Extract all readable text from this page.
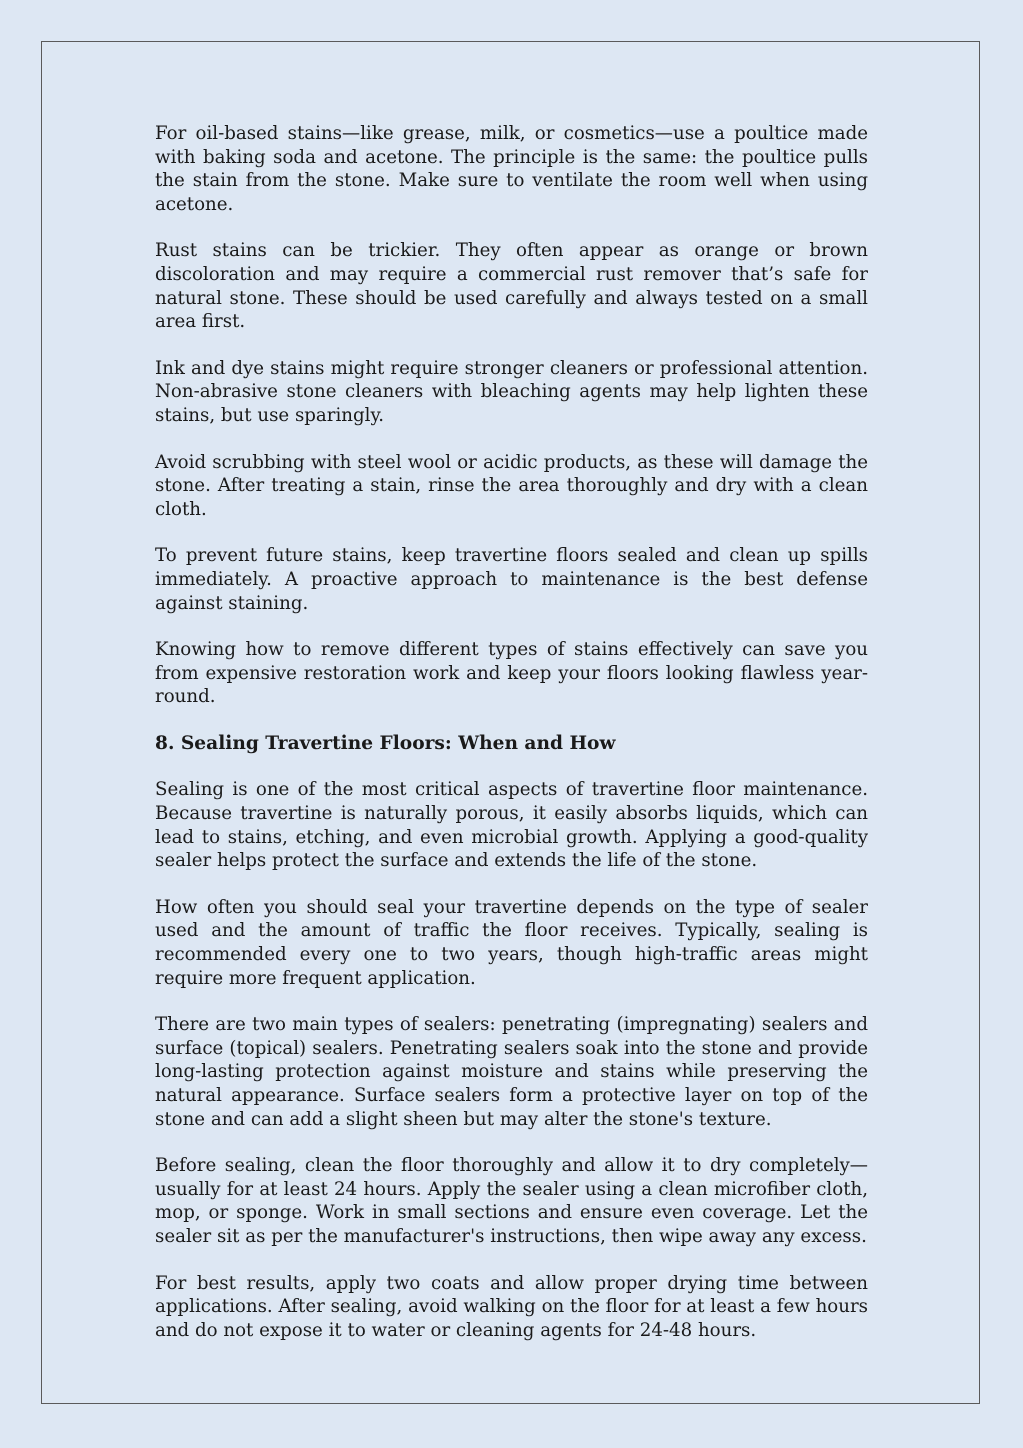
For oil-based stains—like grease, milk, or cosmetics—use a poultice made with baking soda and acetone. The principle is the same: the poultice pulls the stain from the stone. Make sure to ventilate the room well when using acetone.

Rust stains can be trickier. They often appear as orange or brown discoloration and may require a commercial rust remover that’s safe for natural stone. These should be used carefully and always tested on a small area first.

Ink and dye stains might require stronger cleaners or professional attention. Non-abrasive stone cleaners with bleaching agents may help lighten these stains, but use sparingly.

Avoid scrubbing with steel wool or acidic products, as these will damage the stone. After treating a stain, rinse the area thoroughly and dry with a clean cloth.

To prevent future stains, keep travertine floors sealed and clean up spills immediately. A proactive approach to maintenance is the best defense against staining.

Knowing how to remove different types of stains effectively can save you from expensive restoration work and keep your floors looking flawless year-round.

8. Sealing Travertine Floors: When and How

Sealing is one of the most critical aspects of travertine floor maintenance. Because travertine is naturally porous, it easily absorbs liquids, which can lead to stains, etching, and even microbial growth. Applying a good-quality sealer helps protect the surface and extends the life of the stone.

How often you should seal your travertine depends on the type of sealer used and the amount of traffic the floor receives. Typically, sealing is recommended every one to two years, though high-traffic areas might require more frequent application.

There are two main types of sealers: penetrating (impregnating) sealers and surface (topical) sealers. Penetrating sealers soak into the stone and provide long-lasting protection against moisture and stains while preserving the natural appearance. Surface sealers form a protective layer on top of the stone and can add a slight sheen but may alter the stone's texture.

Before sealing, clean the floor thoroughly and allow it to dry completely—usually for at least 24 hours. Apply the sealer using a clean microfiber cloth, mop, or sponge. Work in small sections and ensure even coverage. Let the sealer sit as per the manufacturer's instructions, then wipe away any excess.

For best results, apply two coats and allow proper drying time between applications. After sealing, avoid walking on the floor for at least a few hours and do not expose it to water or cleaning agents for 24-48 hours.
